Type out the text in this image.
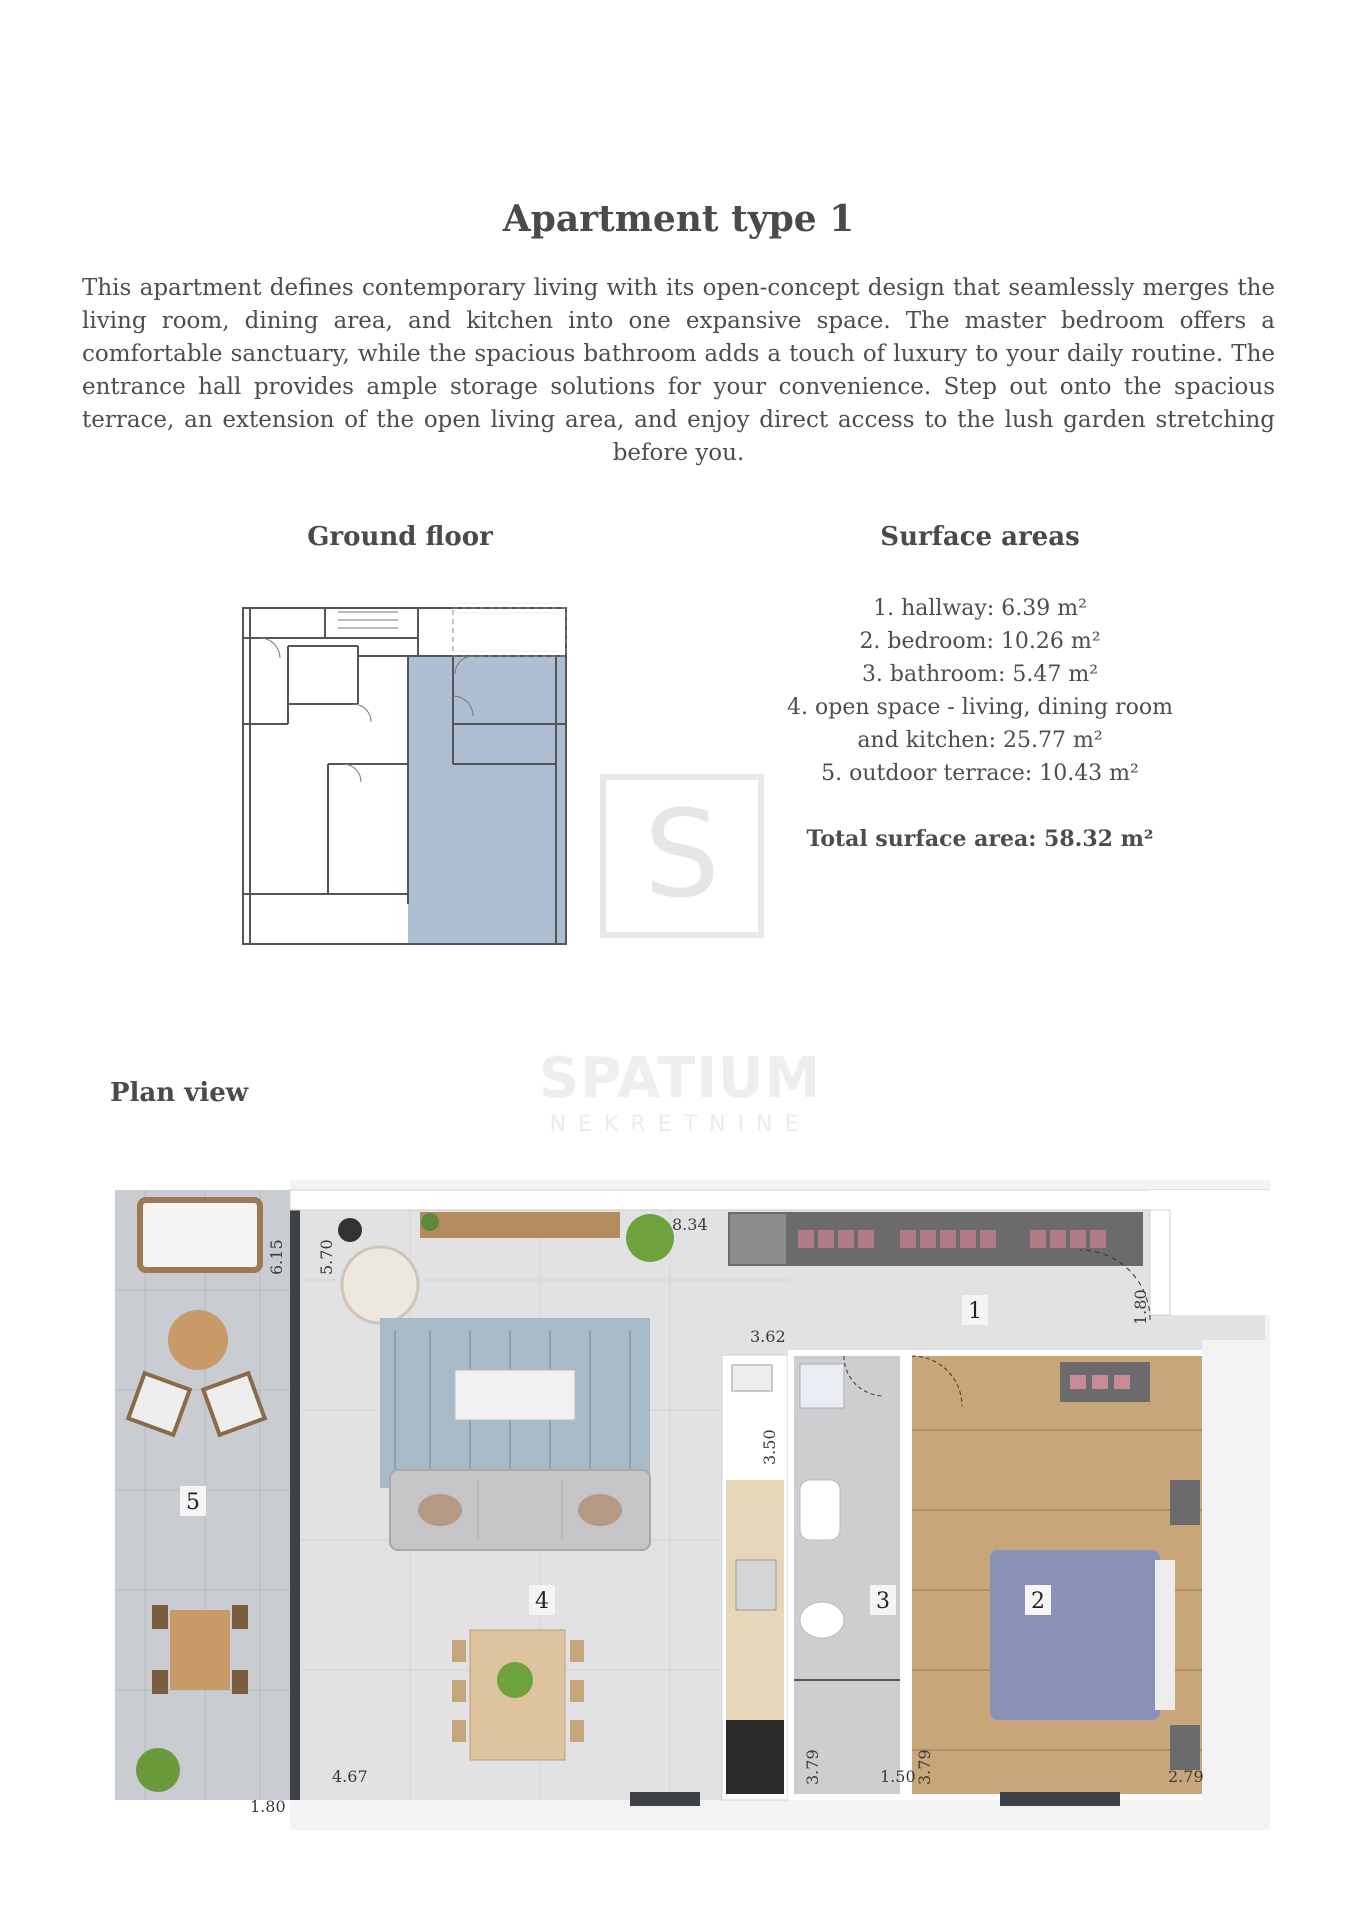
Apartment type 1
This apartment defines contemporary living with its open-concept design that seamlessly merges the living room, dining area, and kitchen into one expansive space. The master bedroom offers a comfortable sanctuary, while the spacious bathroom adds a touch of luxury to your daily routine. The entrance hall provides ample storage solutions for your convenience. Step out onto the spacious terrace, an extension of the open living area, and enjoy direct access to the lush garden stretching before you.
Ground floor	Surface areas
1. hallway: 6.39 m²
2. bedroom: 10.26 m²
3. bathroom: 5.47 m²
4. open space - living, dining room
and kitchen: 25.77 m²
5. outdoor terrace: 10.43 m²
Total surface area: 58.32 m²
S
SPATIUM
NEKRETNINE
Plan view
1
2
3
4
5
8.34
6.15 5.70
1.80
3.62
3.50
4.67
1.80
3.79	1.50 3.79	2.79
